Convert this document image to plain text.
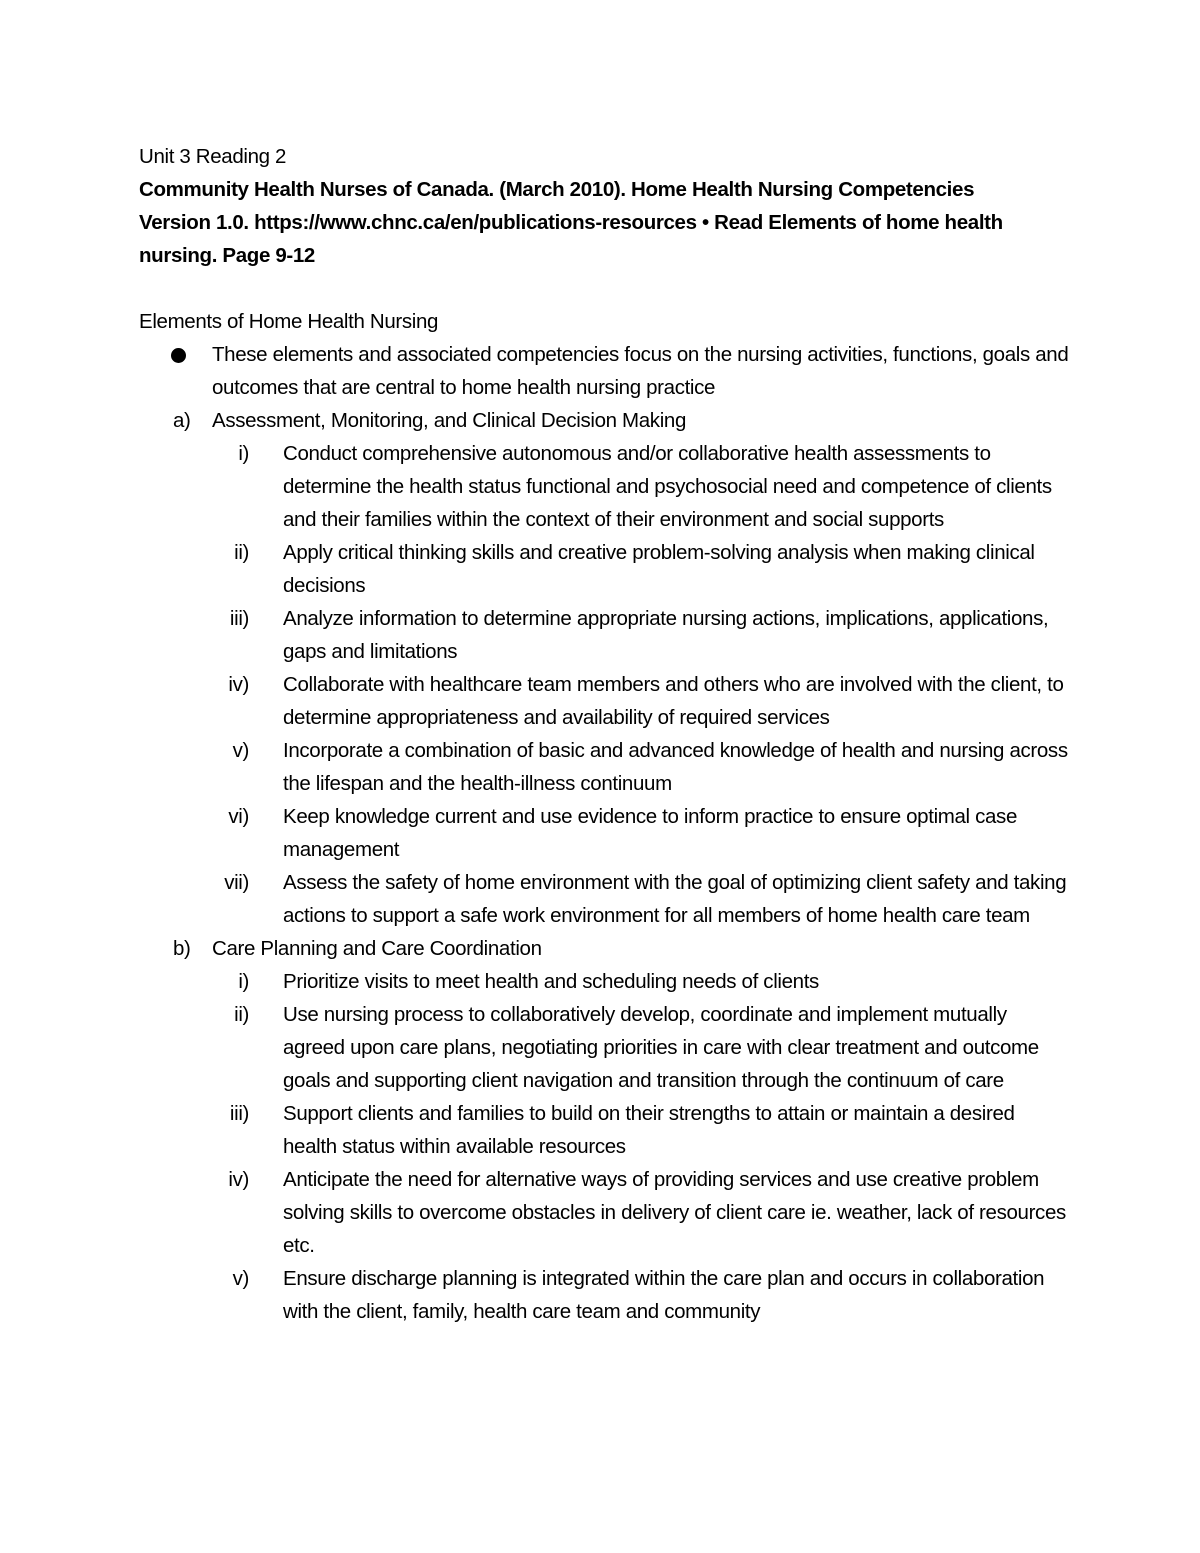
Unit 3 Reading 2
Community Health Nurses of Canada. (March 2010). Home Health Nursing Competencies
Version 1.0. https://www.chnc.ca/en/publications-resources • Read Elements of home health
nursing. Page 9-12
Elements of Home Health Nursing
These elements and associated competencies focus on the nursing activities, functions, goals and outcomes that are central to home health nursing practice
a) Assessment, Monitoring, and Clinical Decision Making
i) Conduct comprehensive autonomous and/or collaborative health assessments to determine the health status functional and psychosocial need and competence of clients and their families within the context of their environment and social supports
ii) Apply critical thinking skills and creative problem-solving analysis when making clinical decisions
iii) Analyze information to determine appropriate nursing actions, implications, applications, gaps and limitations
iv) Collaborate with healthcare team members and others who are involved with the client, to determine appropriateness and availability of required services
v) Incorporate a combination of basic and advanced knowledge of health and nursing across the lifespan and the health-illness continuum
vi) Keep knowledge current and use evidence to inform practice to ensure optimal case management
vii) Assess the safety of home environment with the goal of optimizing client safety and taking actions to support a safe work environment for all members of home health care team
b) Care Planning and Care Coordination
i) Prioritize visits to meet health and scheduling needs of clients
ii) Use nursing process to collaboratively develop, coordinate and implement mutually agreed upon care plans, negotiating priorities in care with clear treatment and outcome goals and supporting client navigation and transition through the continuum of care
iii) Support clients and families to build on their strengths to attain or maintain a desired health status within available resources
iv) Anticipate the need for alternative ways of providing services and use creative problem solving skills to overcome obstacles in delivery of client care ie. weather, lack of resources etc.
v) Ensure discharge planning is integrated within the care plan and occurs in collaboration with the client, family, health care team and community
